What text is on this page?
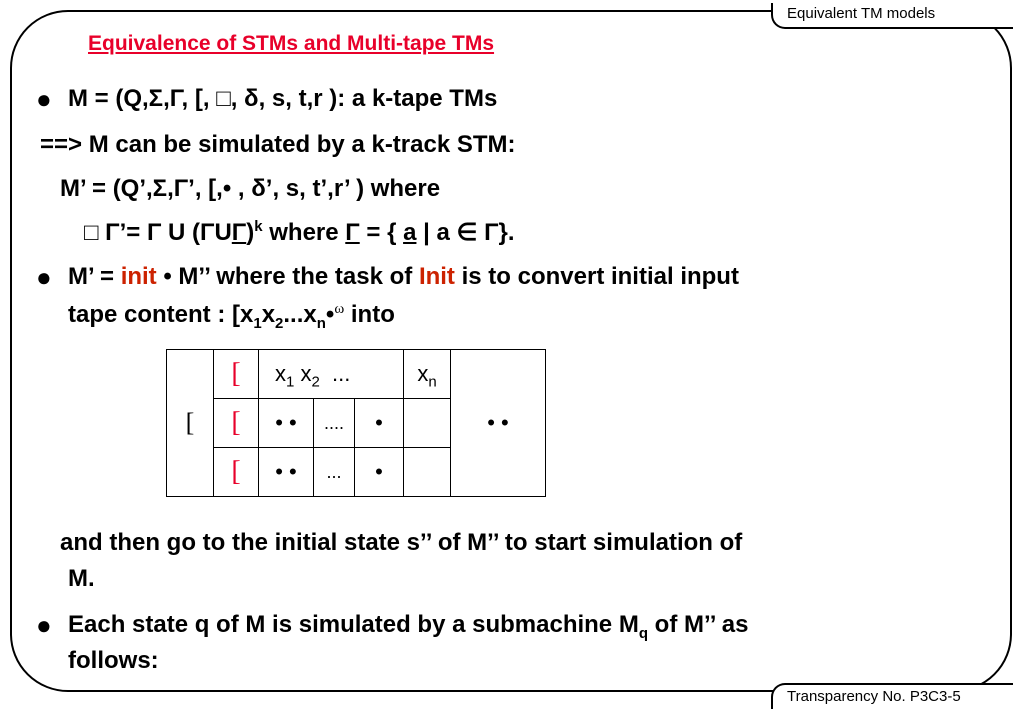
Equivalent TM models
Transparency No. P3C3-5
Equivalence of STMs and Multi-tape TMs
● M = (Q,Σ,Γ, [, □, δ, s, t,r ): a k-tape TMs
==> M can be simulated by a k-track STM:
M’ = (Q’,Σ,Γ’, [,• , δ’, s, t’,r’ ) where
□ Γ’= Γ U $(\Gamma U\Gamma)^k$ where Γ = { a | a ∈ Γ}.
● M’ = init • M’’ where the task of Init is to convert initial input
tape content : [$x_1x_2...x_n•^\omega$ into
[	[	$x_1$ $x_2$ ...			$x_n$	• •
	[	• •	....	•		
	[	• •	...	•		
and then go to the initial state s’’ of M’’ to start simulation of
M.
● Each state q of M is simulated by a submachine $M_q$ of M’’ as
follows:
